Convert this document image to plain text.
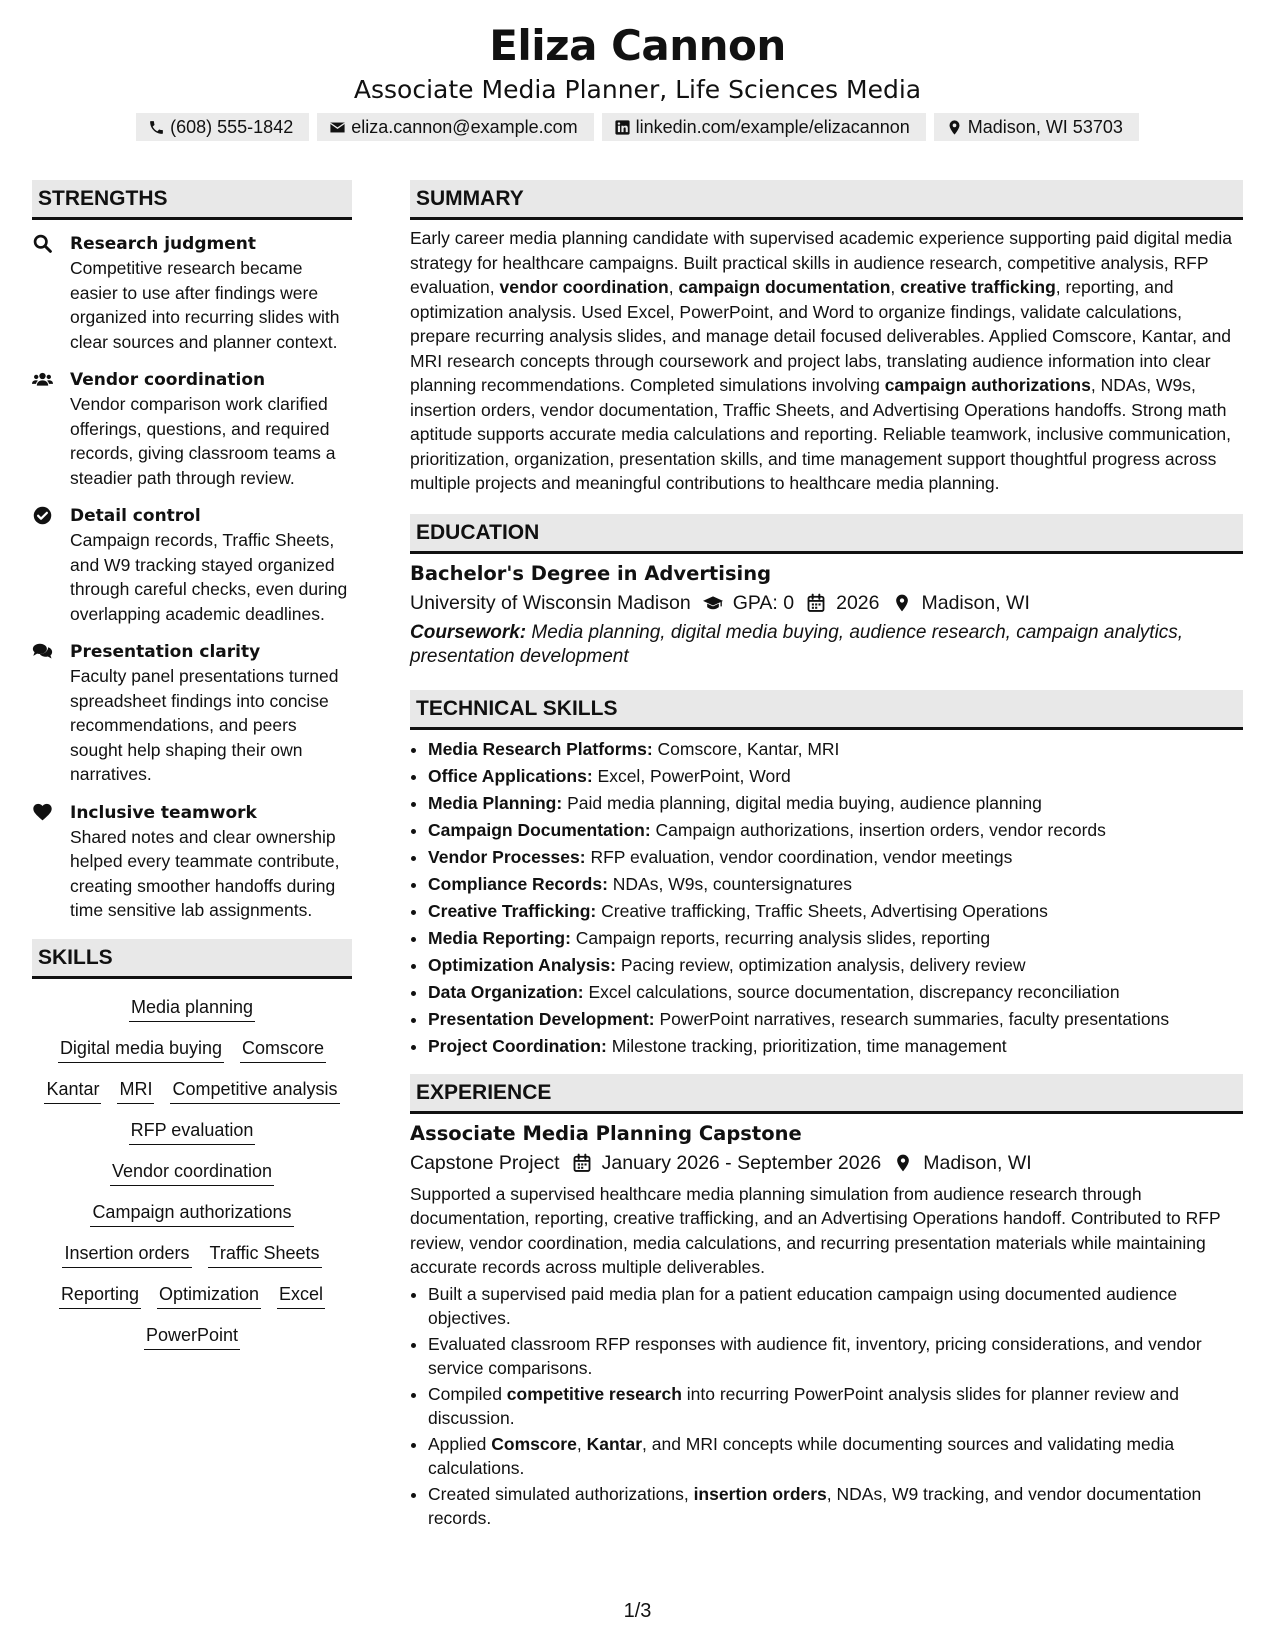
Eliza Cannon
Associate Media Planner, Life Sciences Media
(608) 555-1842	eliza.cannon@example.com	linkedin.com/example/elizacannon	Madison, WI 53703
STRENGTHS
Research judgment
Competitive research became easier to use after findings were organized into recurring slides with clear sources and planner context.
Vendor coordination
Vendor comparison work clarified offerings, questions, and required records, giving classroom teams a steadier path through review.
Detail control
Campaign records, Traffic Sheets, and W9 tracking stayed organized through careful checks, even during overlapping academic deadlines.
Presentation clarity
Faculty panel presentations turned spreadsheet findings into concise recommendations, and peers sought help shaping their own narratives.
Inclusive teamwork
Shared notes and clear ownership helped every teammate contribute, creating smoother handoffs during time sensitive lab assignments.
SKILLS
Media planning
Digital media buying Comscore
Kantar MRI Competitive analysis
RFP evaluation
Vendor coordination
Campaign authorizations
Insertion orders Traffic Sheets
Reporting Optimization Excel
PowerPoint
SUMMARY

Early career media planning candidate with supervised academic experience supporting paid digital media strategy for healthcare campaigns. Built practical skills in audience research, competitive analysis, RFP evaluation, vendor coordination, campaign documentation, creative trafficking, reporting, and optimization analysis. Used Excel, PowerPoint, and Word to organize findings, validate calculations, prepare recurring analysis slides, and manage detail focused deliverables. Applied Comscore, Kantar, and MRI research concepts through coursework and project labs, translating audience information into clear planning recommendations. Completed simulations involving campaign authorizations, NDAs, W9s, insertion orders, vendor documentation, Traffic Sheets, and Advertising Operations handoffs. Strong math aptitude supports accurate media calculations and reporting. Reliable teamwork, inclusive communication, prioritization, organization, presentation skills, and time management support thoughtful progress across multiple projects and meaningful contributions to healthcare media planning.

EDUCATION
Bachelor's Degree in Advertising
University of Wisconsin Madison GPA: 0 2026 Madison, WI
Coursework: Media planning, digital media buying, audience research, campaign analytics, presentation development
TECHNICAL SKILLS
• Media Research Platforms: Comscore, Kantar, MRI
• Office Applications: Excel, PowerPoint, Word
• Media Planning: Paid media planning, digital media buying, audience planning
• Campaign Documentation: Campaign authorizations, insertion orders, vendor records
• Vendor Processes: RFP evaluation, vendor coordination, vendor meetings
• Compliance Records: NDAs, W9s, countersignatures
• Creative Trafficking: Creative trafficking, Traffic Sheets, Advertising Operations
• Media Reporting: Campaign reports, recurring analysis slides, reporting
• Optimization Analysis: Pacing review, optimization analysis, delivery review
• Data Organization: Excel calculations, source documentation, discrepancy reconciliation
• Presentation Development: PowerPoint narratives, research summaries, faculty presentations
• Project Coordination: Milestone tracking, prioritization, time management
EXPERIENCE
Associate Media Planning Capstone
Capstone Project January 2026 - September 2026 Madison, WI

Supported a supervised healthcare media planning simulation from audience research through documentation, reporting, creative trafficking, and an Advertising Operations handoff. Contributed to RFP review, vendor coordination, media calculations, and recurring presentation materials while maintaining accurate records across multiple deliverables.

• Built a supervised paid media plan for a patient education campaign using documented audience objectives.
• Evaluated classroom RFP responses with audience fit, inventory, pricing considerations, and vendor service comparisons.
• Compiled competitive research into recurring PowerPoint analysis slides for planner review and discussion.
• Applied Comscore, Kantar, and MRI concepts while documenting sources and validating media calculations.
• Created simulated authorizations, insertion orders, NDAs, W9 tracking, and vendor documentation records.
1/3
